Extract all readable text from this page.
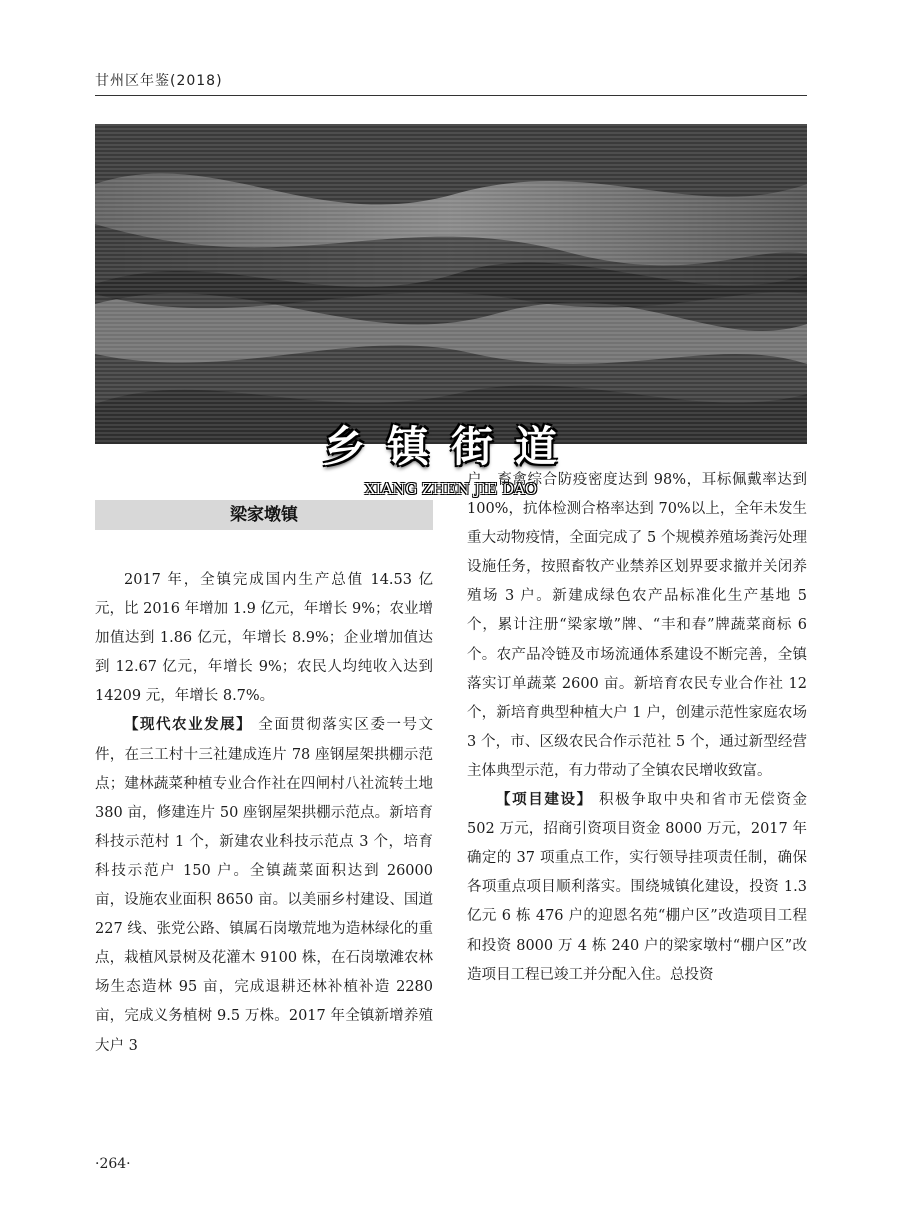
甘州区年鉴(2018)
乡镇街道
XIANG ZHEN JIE DAO
梁家墩镇

2017 年，全镇完成国内生产总值 14.53 亿元，比 2016 年增加 1.9 亿元，年增长 9%；农业增加值达到 1.86 亿元，年增长 8.9%；企业增加值达到 12.67 亿元，年增长 9%；农民人均纯收入达到 14209 元，年增长 8.7%。

【现代农业发展】 全面贯彻落实区委一号文件，在三工村十三社建成连片 78 座钢屋架拱棚示范点；建林蔬菜种植专业合作社在四闸村八社流转土地 380 亩，修建连片 50 座钢屋架拱棚示范点。新培育科技示范村 1 个，新建农业科技示范点 3 个，培育科技示范户 150 户。全镇蔬菜面积达到 26000 亩，设施农业面积 8650 亩。以美丽乡村建设、国道 227 线、张党公路、镇属石岗墩荒地为造林绿化的重点，栽植风景树及花灌木 9100 株，在石岗墩滩农林场生态造林 95 亩，完成退耕还林补植补造 2280 亩，完成义务植树 9.5 万株。2017 年全镇新增养殖大户 3

户，畜禽综合防疫密度达到 98%，耳标佩戴率达到 100%，抗体检测合格率达到 70%以上，全年未发生重大动物疫情，全面完成了 5 个规模养殖场粪污处理设施任务，按照畜牧产业禁养区划界要求撤并关闭养殖场 3 户。新建成绿色农产品标准化生产基地 5 个，累计注册“梁家墩”牌、“丰和春”牌蔬菜商标 6 个。农产品冷链及市场流通体系建设不断完善，全镇落实订单蔬菜 2600 亩。新培育农民专业合作社 12 个，新培育典型种植大户 1 户，创建示范性家庭农场 3 个，市、区级农民合作示范社 5 个，通过新型经营主体典型示范，有力带动了全镇农民增收致富。

【项目建设】 积极争取中央和省市无偿资金 502 万元，招商引资项目资金 8000 万元，2017 年确定的 37 项重点工作，实行领导挂项责任制，确保各项重点项目顺利落实。围绕城镇化建设，投资 1.3 亿元 6 栋 476 户的迎恩名苑“棚户区”改造项目工程和投资 8000 万 4 栋 240 户的梁家墩村“棚户区”改造项目工程已竣工并分配入住。总投资

·264·
